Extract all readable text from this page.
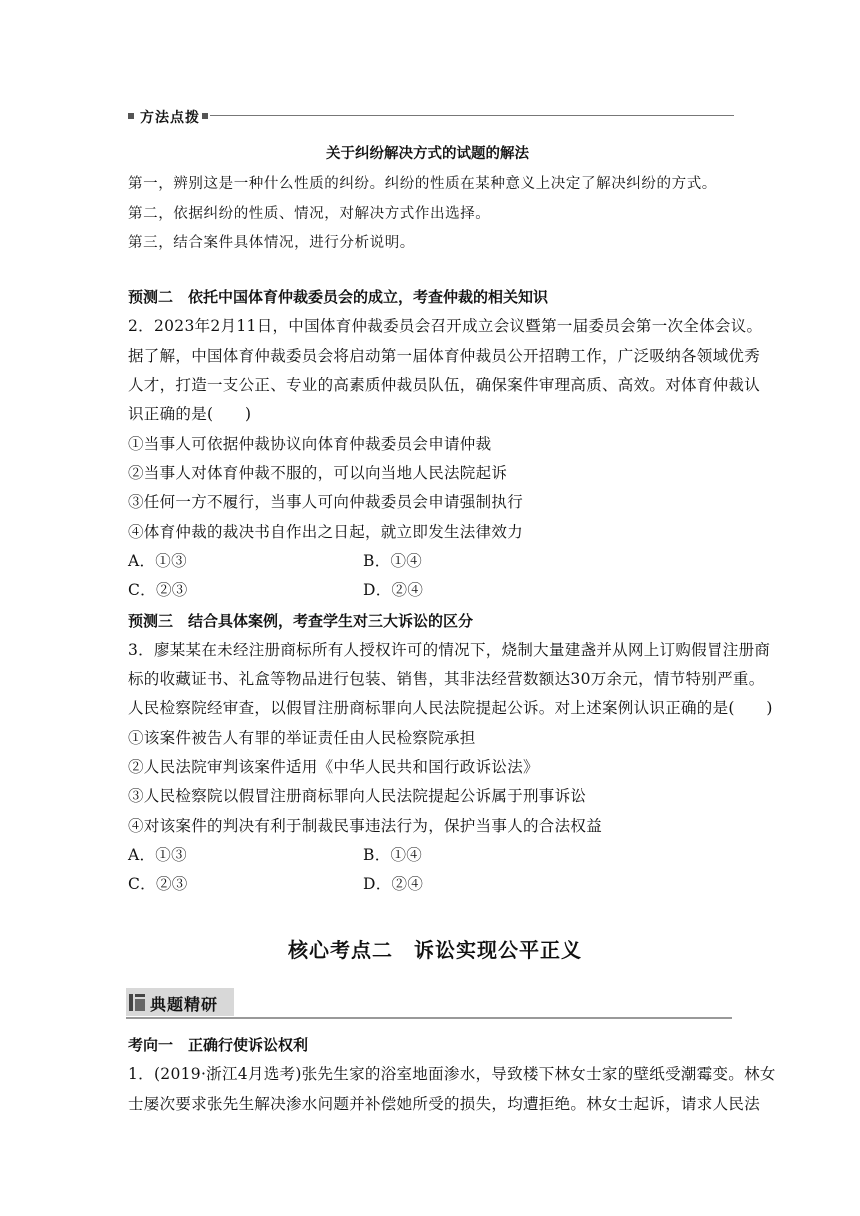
方法点拨
关于纠纷解决方式的试题的解法
第一，辨别这是一种什么性质的纠纷。纠纷的性质在某种意义上决定了解决纠纷的方式。
第二，依据纠纷的性质、情况，对解决方式作出选择。
第三，结合案件具体情况，进行分析说明。
预测二　依托中国体育仲裁委员会的成立，考查仲裁的相关知识
2．2023年2月11日，中国体育仲裁委员会召开成立会议暨第一届委员会第一次全体会议。
据了解，中国体育仲裁委员会将启动第一届体育仲裁员公开招聘工作，广泛吸纳各领域优秀
人才，打造一支公正、专业的高素质仲裁员队伍，确保案件审理高质、高效。对体育仲裁认
识正确的是(　　)
①当事人可依据仲裁协议向体育仲裁委员会申请仲裁
②当事人对体育仲裁不服的，可以向当地人民法院起诉
③任何一方不履行，当事人可向仲裁委员会申请强制执行
④体育仲裁的裁决书自作出之日起，就立即发生法律效力
A．①③	B．①④
C．②③	D．②④
预测三　结合具体案例，考查学生对三大诉讼的区分
3．廖某某在未经注册商标所有人授权许可的情况下，烧制大量建盏并从网上订购假冒注册商
标的收藏证书、礼盒等物品进行包装、销售，其非法经营数额达30万余元，情节特别严重。
人民检察院经审查，以假冒注册商标罪向人民法院提起公诉。对上述案例认识正确的是(　　)
①该案件被告人有罪的举证责任由人民检察院承担
②人民法院审判该案件适用《中华人民共和国行政诉讼法》
③人民检察院以假冒注册商标罪向人民法院提起公诉属于刑事诉讼
④对该案件的判决有利于制裁民事违法行为，保护当事人的合法权益
A．①③	B．①④
C．②③	D．②④
核心考点二　诉讼实现公平正义
典题精研
考向一　正确行使诉讼权利
1．(2019·浙江4月选考)张先生家的浴室地面渗水，导致楼下林女士家的壁纸受潮霉变。林女
士屡次要求张先生解决渗水问题并补偿她所受的损失，均遭拒绝。林女士起诉，请求人民法
